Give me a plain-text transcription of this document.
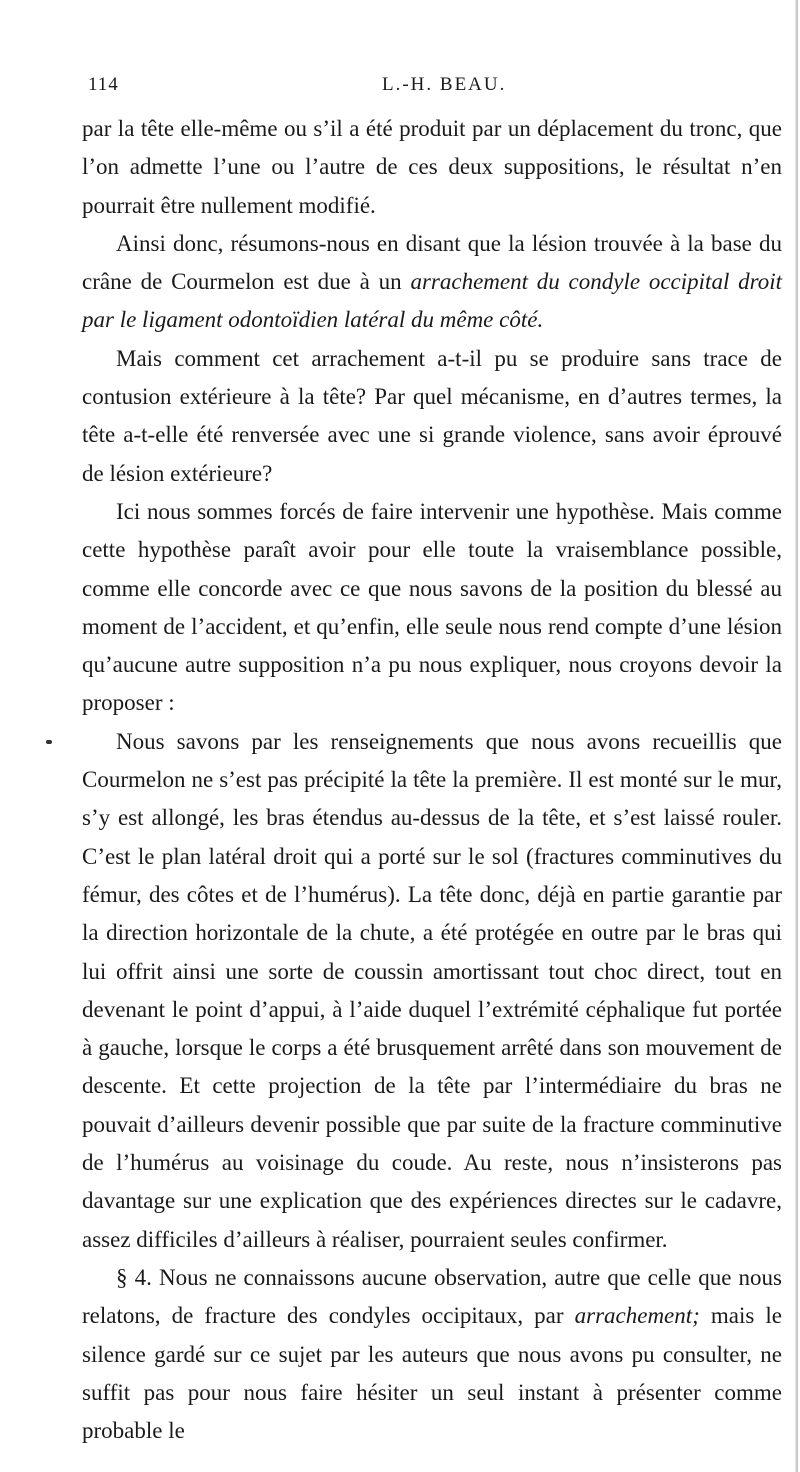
114	L.-H. BEAU.

par la tête elle-même ou s’il a été produit par un déplacement du tronc, que l’on admette l’une ou l’autre de ces deux suppositions, le résultat n’en pourrait être nullement modifié.

Ainsi donc, résumons-nous en disant que la lésion trouvée à la base du crâne de Courmelon est due à un arrachement du condyle occipital droit par le ligament odontoïdien latéral du même côté.

Mais comment cet arrachement a-t-il pu se produire sans trace de contusion extérieure à la tête? Par quel mécanisme, en d’autres termes, la tête a-t-elle été renversée avec une si grande violence, sans avoir éprouvé de lésion extérieure?

Ici nous sommes forcés de faire intervenir une hypothèse. Mais comme cette hypothèse paraît avoir pour elle toute la vraisemblance possible, comme elle concorde avec ce que nous savons de la position du blessé au moment de l’accident, et qu’enfin, elle seule nous rend compte d’une lésion qu’aucune autre supposition n’a pu nous expliquer, nous croyons devoir la proposer :

Nous savons par les renseignements que nous avons recueillis que Courmelon ne s’est pas précipité la tête la première. Il est monté sur le mur, s’y est allongé, les bras étendus au-dessus de la tête, et s’est laissé rouler. C’est le plan latéral droit qui a porté sur le sol (fractures comminutives du fémur, des côtes et de l’humérus). La tête donc, déjà en partie garantie par la direction horizontale de la chute, a été protégée en outre par le bras qui lui offrit ainsi une sorte de coussin amortissant tout choc direct, tout en devenant le point d’appui, à l’aide duquel l’extrémité céphalique fut portée à gauche, lorsque le corps a été brusquement arrêté dans son mouvement de descente. Et cette projection de la tête par l’intermédiaire du bras ne pouvait d’ailleurs devenir possible que par suite de la fracture comminutive de l’humérus au voisinage du coude. Au reste, nous n’insisterons pas davantage sur une explication que des expériences directes sur le cadavre, assez difficiles d’ailleurs à réaliser, pourraient seules confirmer.

§ 4. Nous ne connaissons aucune observation, autre que celle que nous relatons, de fracture des condyles occipitaux, par arrachement; mais le silence gardé sur ce sujet par les auteurs que nous avons pu consulter, ne suffit pas pour nous faire hésiter un seul instant à présenter comme probable le
